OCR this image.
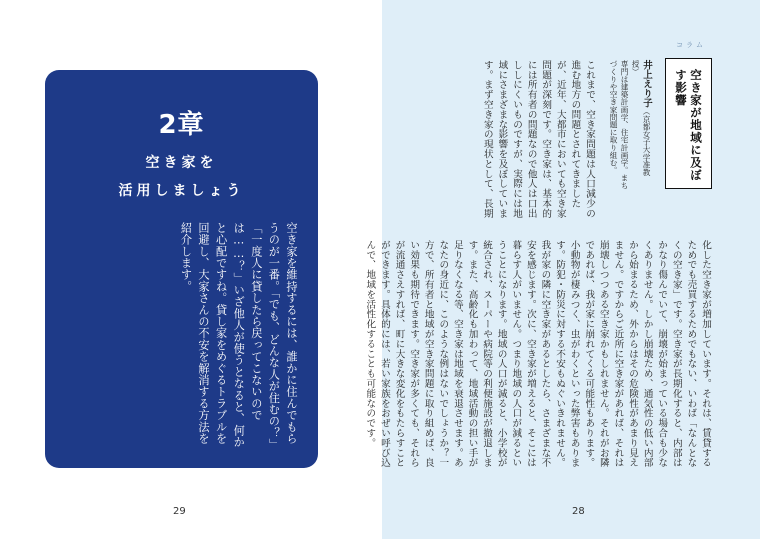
2章
空き家を
活用しましょう
空き家を維持するには、誰かに住んでもらうのが一番。「でも、どんな人が住むの？」「一度人に貸したら戻ってこないのでは……？」いざ他人が使うとなると、何かと心配ですね。貸し家をめぐるトラブルを回避し、大家さんの不安を解消する方法を紹介します。
29
コラム
空き家が地域に及ぼす影響
井上えり子（京都女子大学准教授）
専門は建築計画学、住宅計画学。まちづくりや空き家問題に取り組む。
これまで、空き家問題は人口減少の進む地方の問題とされてきましたが、近年、大都市においても空き家問題が深刻です。空き家は、基本的には所有者の問題なので他人は口出ししにくいものですが、実際には地域にさまざまな影響を及ぼしています。まず空き家の現状として、長期
化した空き家が増加しています。それは、賃貸するためでも売買するためでもない、いわば「なんとなくの空き家」です。空き家が長期化すると、内部はかなり傷んでいて、崩壊が始まっている場合も少なくありません。しかし崩壊ため、通気性の低い内部から始まるため、外からはその危険性があまり見えません。ですからご近所に空き家があれば、それは崩壊しつつある空き家かもしれません。それがお隣であれば、我が家に崩れてくる可能性もあります。小動物が棲みつく、虫がわくといった弊害もあります。防犯・防災に対する不安もぬぐいきれません。我が家の隣に空き家があるとしたら、さまざまな不安を感じます。次に、空き家が増えると、そこには暮らす人がいません。つまり地域の人口が減るということになります。地域の人口が減ると、小学校が統合され、スーパーや病院等の利便施設が撤退します。また、高齢化も加わって、地域活動の担い手が足りなくなる等、空き家は地域を衰退させます。あなたの身近に、このような例はないでしょうか？一方で、所有者と地域が空き家問題に取り組めば、良い効果も期待できます。空き家が多くても、それらが流通さえすれば、町に大きな変化をもたらすことができます。具体的には、若い家族をおぜい呼び込んで、地域を活性化することも可能なのです。
28
